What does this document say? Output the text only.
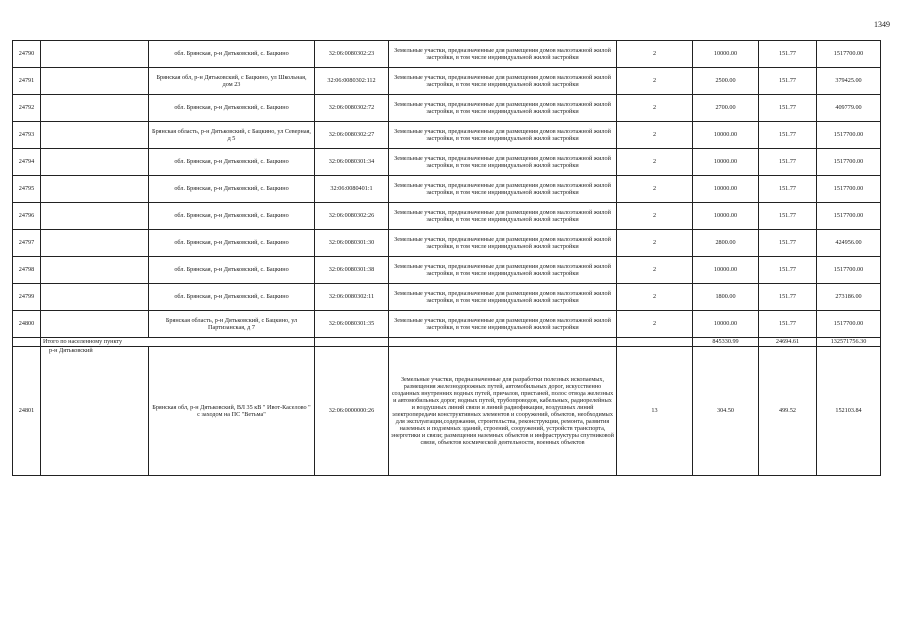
1349
24790		обл. Брянская, р-н Дятьковский, с. Бацкино	32:06:0080302:23	Земельные участки, предназначенные для размещения домов малоэтажной жилой застройки, в том числе индивидуальной жилой застройки	2	10000.00	151.77	1517700.00
24791		Брянская обл, р-н Дятьковский, с Бацкино, ул Школьная, дом 23	32:06:0080302:112	Земельные участки, предназначенные для размещения домов малоэтажной жилой застройки, в том числе индивидуальной жилой застройки	2	2500.00	151.77	379425.00
24792		обл. Брянская, р-н Дятьковский, с. Бацкино	32:06:0080302:72	Земельные участки, предназначенные для размещения домов малоэтажной жилой застройки, в том числе индивидуальной жилой застройки	2	2700.00	151.77	409779.00
24793		Брянская область, р-н Дятьковский, с Бацкино, ул Северная, д 5	32:06:0080302:27	Земельные участки, предназначенные для размещения домов малоэтажной жилой застройки, в том числе индивидуальной жилой застройки	2	10000.00	151.77	1517700.00
24794		обл. Брянская, р-н Дятьковский, с. Бацкино	32:06:0080301:34	Земельные участки, предназначенные для размещения домов малоэтажной жилой застройки, в том числе индивидуальной жилой застройки	2	10000.00	151.77	1517700.00
24795		обл. Брянская, р-н Дятьковский, с. Бацкино	32:06:0080401:1	Земельные участки, предназначенные для размещения домов малоэтажной жилой застройки, в том числе индивидуальной жилой застройки	2	10000.00	151.77	1517700.00
24796		обл. Брянская, р-н Дятьковский, с. Бацкино	32:06:0080302:26	Земельные участки, предназначенные для размещения домов малоэтажной жилой застройки, в том числе индивидуальной жилой застройки	2	10000.00	151.77	1517700.00
24797		обл. Брянская, р-н Дятьковский, с. Бацкино	32:06:0080301:30	Земельные участки, предназначенные для размещения домов малоэтажной жилой застройки, в том числе индивидуальной жилой застройки	2	2800.00	151.77	424956.00
24798		обл. Брянская, р-н Дятьковский, с. Бацкино	32:06:0080301:38	Земельные участки, предназначенные для размещения домов малоэтажной жилой застройки, в том числе индивидуальной жилой застройки	2	10000.00	151.77	1517700.00
24799		обл. Брянская, р-н Дятьковский, с. Бацкино	32:06:0080302:11	Земельные участки, предназначенные для размещения домов малоэтажной жилой застройки, в том числе индивидуальной жилой застройки	2	1800.00	151.77	273186.00
24800		Брянская область, р-н Дятьковский, с Бацкино, ул Партизанская, д 7	32:06:0080301:35	Земельные участки, предназначенные для размещения домов малоэтажной жилой застройки, в том числе индивидуальной жилой застройки	2	10000.00	151.77	1517700.00
	Итого по населенному пункту					845330.99	24694.61	132571756.30
24801	р-н Дятьковский	Брянская обл, р-н Дятьковский, ВЛ 35 кВ " Ивот-Каселово " с заходом на ПС "Ветьма"	32:06:0000000:26	Земельные участки, предназначенные для разработки полезных ископаемых, размещения железнодорожных путей, автомобильных дорог, искусственно созданных внутренних водных путей, причалов, пристаней, полос отвода железных и автомобильных дорог, водных путей, трубопроводов, кабельных, радиорелейных и воздушных линий связи и линий радиофикации, воздушных линий электропередачи конструктивных элементов и сооружений, объектов, необходимых для эксплуатации,содержания, строительства, реконструкции, ремонта, развития наземных и подземных зданий, строений, сооружений, устройств транспорта, энергетики и связи; размещения наземных объектов и инфраструктуры спутниковой связи, объектов космической деятельности, военных объектов	13	304.50	499.52	152103.84
